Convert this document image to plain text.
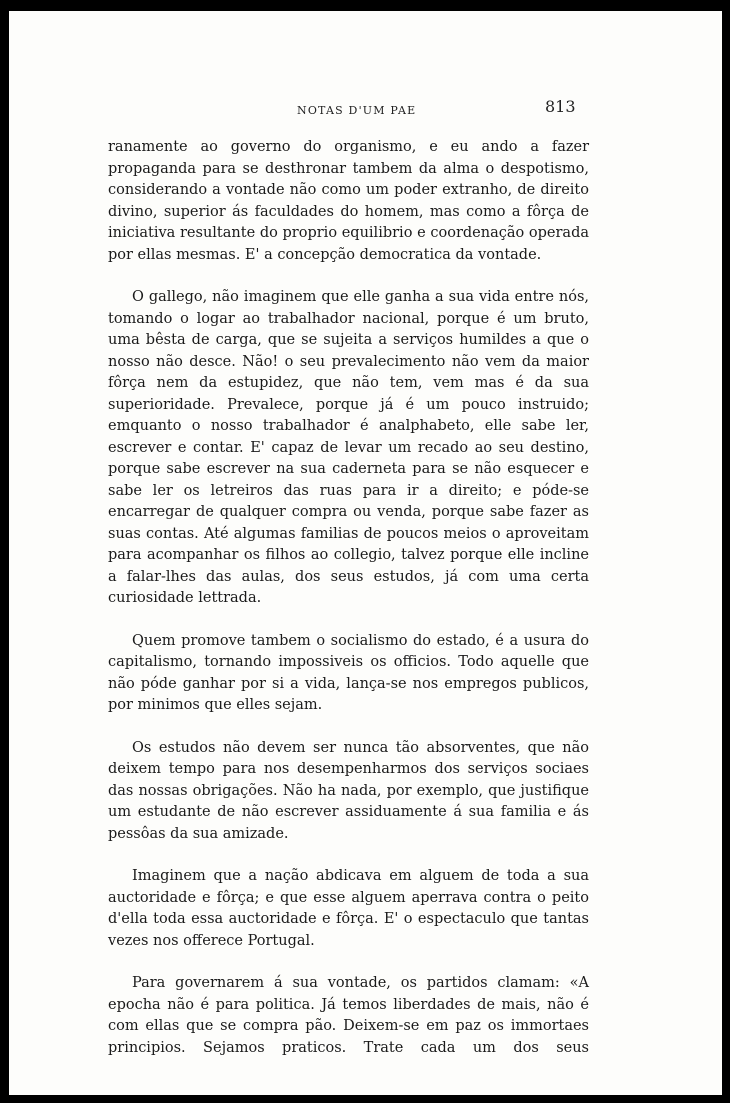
NOTAS D'UM PAE	813

ranamente ao governo do organismo, e eu ando a fazer propaganda para se desthronar tambem da alma o despotismo, considerando a vontade não como um poder extranho, de direito divino, superior ás faculdades do homem, mas como a fôrça de iniciativa resultante do proprio equilibrio e coordenação operada por ellas mesmas. E' a concepção democratica da vontade.

O gallego, não imaginem que elle ganha a sua vida entre nós, tomando o logar ao trabalhador nacional, porque é um bruto, uma bêsta de carga, que se sujeita a serviços humildes a que o nosso não desce. Não! o seu prevalecimento não vem da maior fôrça nem da estupidez, que não tem, vem mas é da sua superioridade. Prevalece, porque já é um pouco instruido; emquanto o nosso trabalhador é analphabeto, elle sabe ler, escrever e contar. E' capaz de levar um recado ao seu destino, porque sabe escrever na sua caderneta para se não esquecer e sabe ler os letreiros das ruas para ir a direito; e póde-se encarregar de qualquer compra ou venda, porque sabe fazer as suas contas. Até algumas familias de poucos meios o aproveitam para acompanhar os filhos ao collegio, talvez porque elle incline a falar-lhes das aulas, dos seus estudos, já com uma certa curiosidade lettrada.

Quem promove tambem o socialismo do estado, é a usura do capitalismo, tornando impossiveis os officios. Todo aquelle que não póde ganhar por si a vida, lança-se nos empregos publicos, por minimos que elles sejam.

Os estudos não devem ser nunca tão absorventes, que não deixem tempo para nos desempenharmos dos serviços sociaes das nossas obrigações. Não ha nada, por exemplo, que justifique um estudante de não escrever assiduamente á sua familia e ás pessôas da sua amizade.

Imaginem que a nação abdicava em alguem de toda a sua auctoridade e fôrça; e que esse alguem aperrava contra o peito d'ella toda essa auctoridade e fôrça. E' o espectaculo que tantas vezes nos offerece Portugal.

Para governarem á sua vontade, os partidos clamam: «A epocha não é para politica. Já temos liberdades de mais, não é com ellas que se compra pão. Deixem-se em paz os immortaes principios. Sejamos praticos. Trate cada um dos seus
